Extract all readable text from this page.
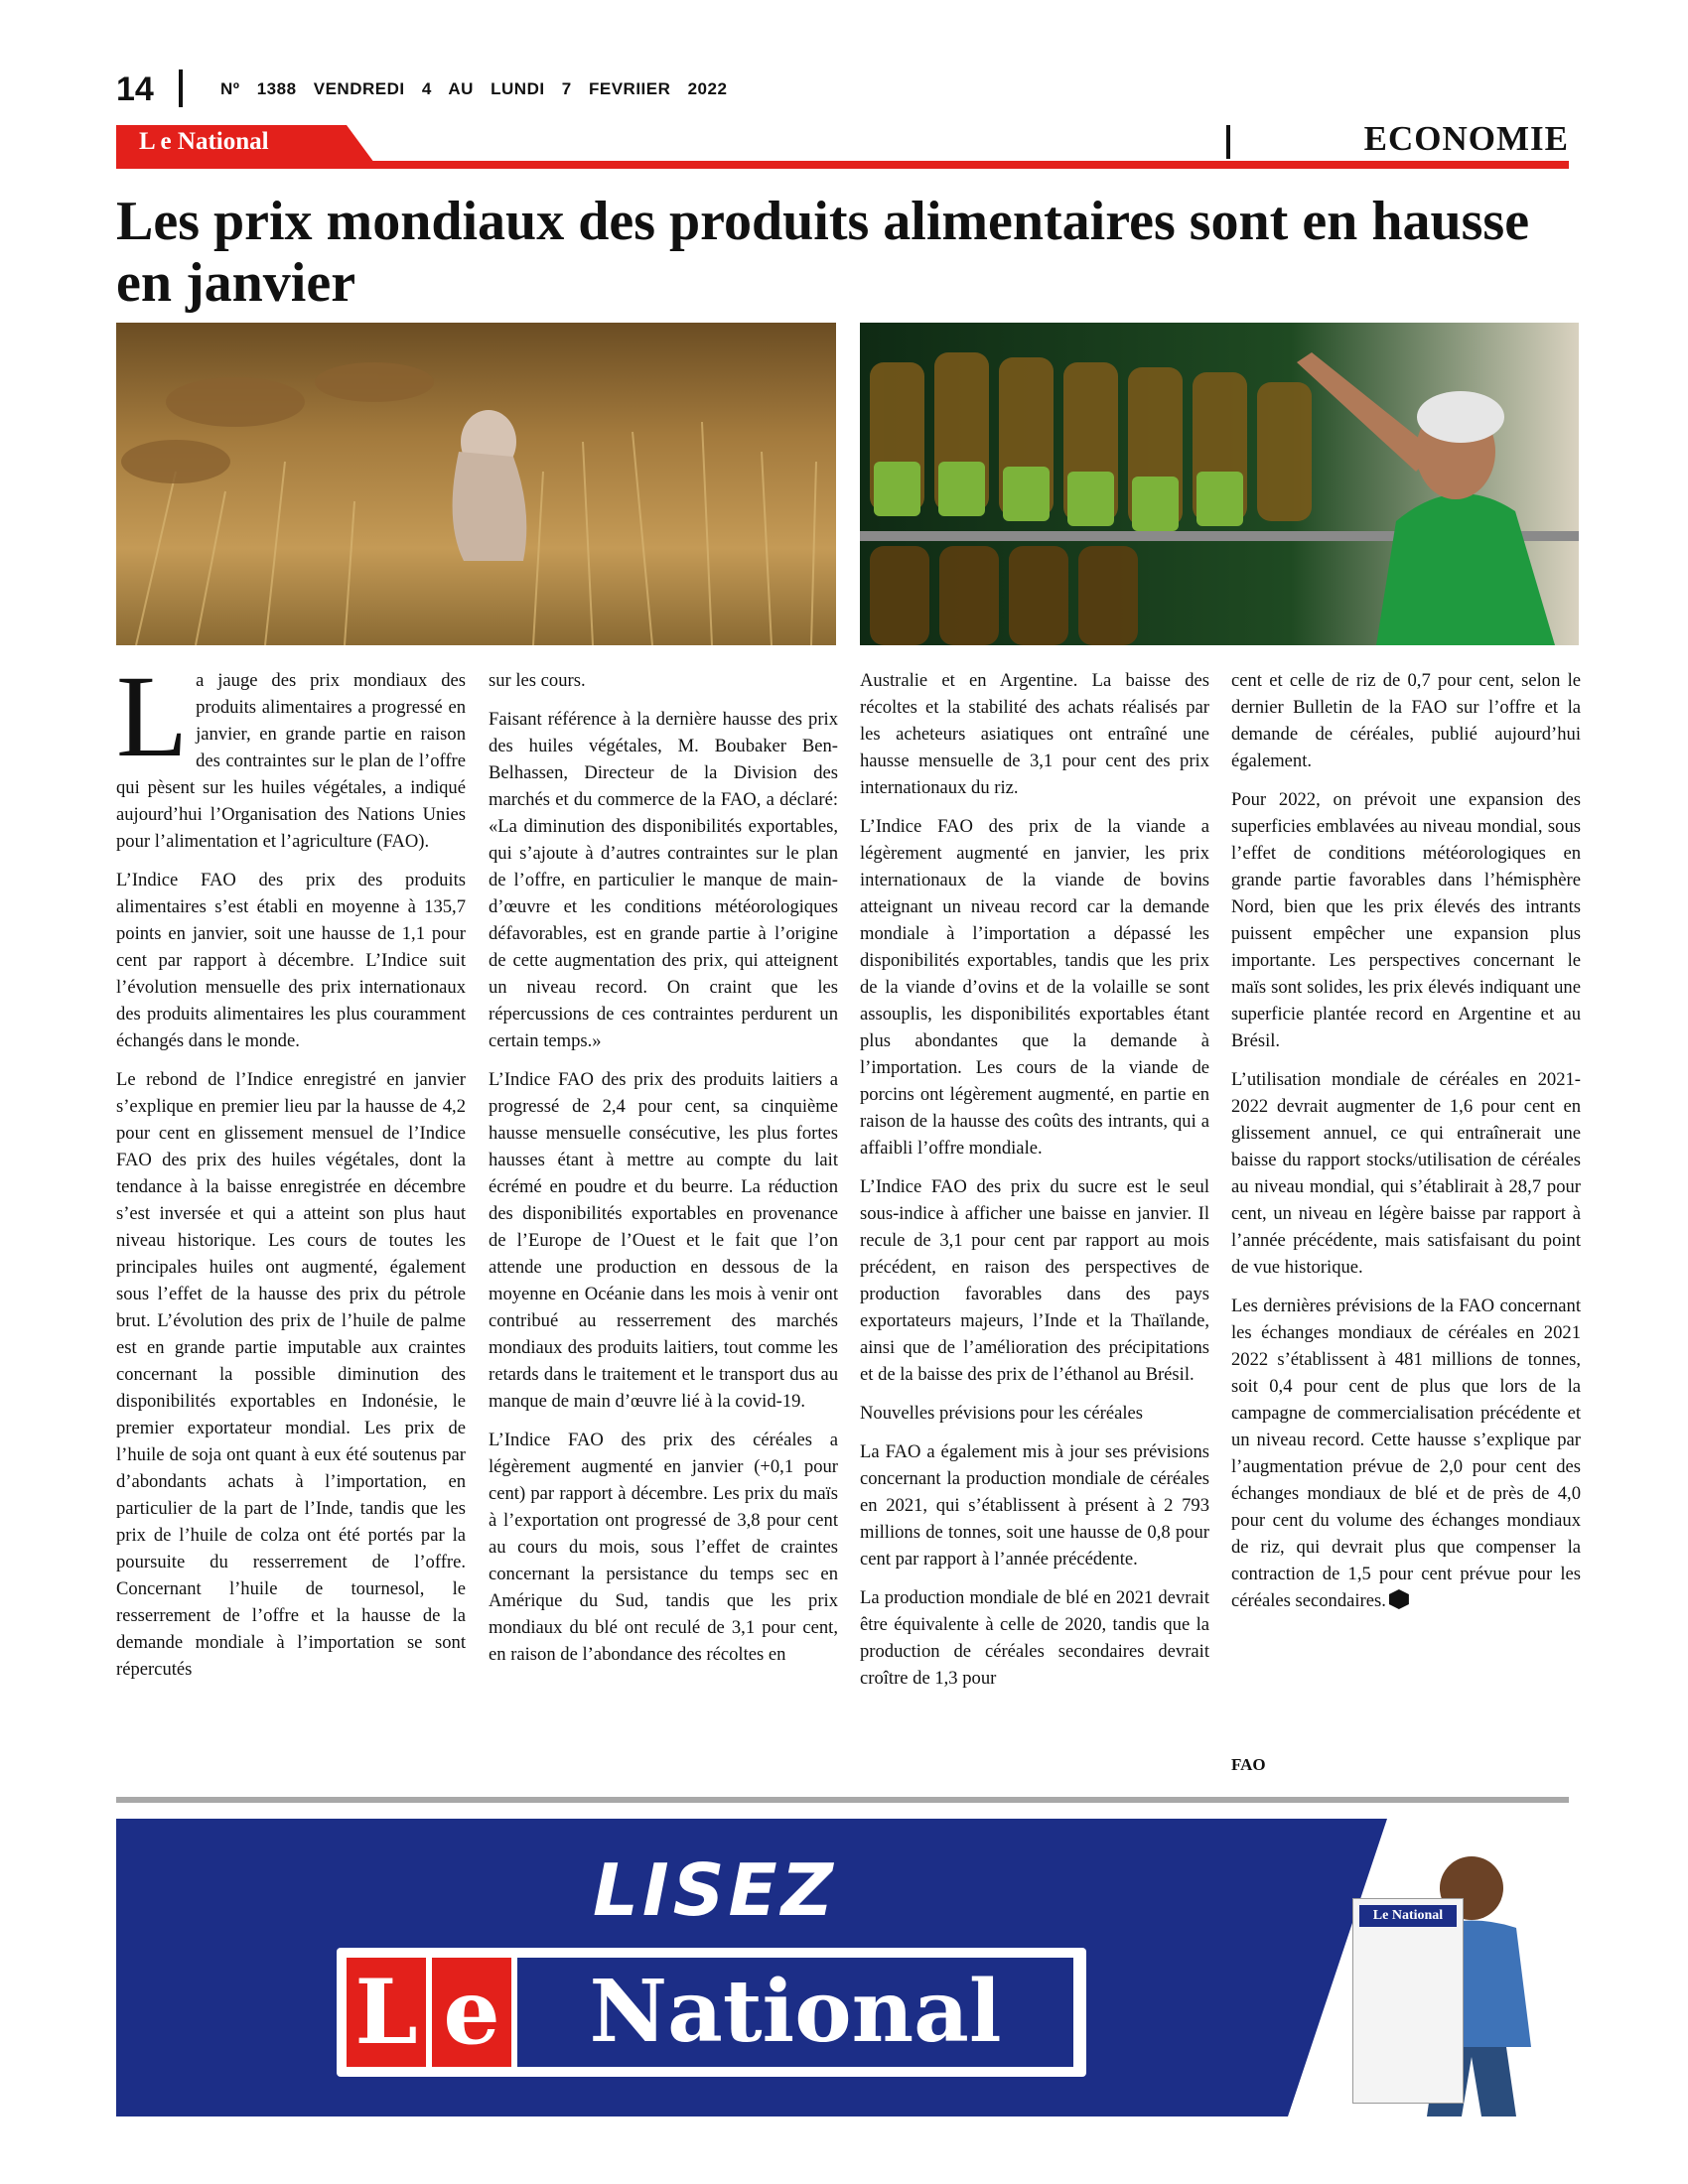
14	Nº 1388 VENDREDI 4 AU LUNDI 7 FEVRIIER 2022
L e National	ECONOMIE
Les prix mondiaux des produits alimentaires sont en hausse en janvier

La jauge des prix mondiaux des produits alimentaires a progressé en janvier, en grande partie en raison des contraintes sur le plan de l’offre qui pèsent sur les huiles végétales, a indiqué aujourd’hui l’Organisation des Nations Unies pour l’alimentation et l’agriculture (FAO).

L’Indice FAO des prix des produits alimentaires s’est établi en moyenne à 135,7 points en janvier, soit une hausse de 1,1 pour cent par rapport à décembre. L’Indice suit l’évolution mensuelle des prix internationaux des produits alimentaires les plus couramment échangés dans le monde.

Le rebond de l’Indice enregistré en janvier s’explique en premier lieu par la hausse de 4,2 pour cent en glissement mensuel de l’Indice FAO des prix des huiles végétales, dont la tendance à la baisse enregistrée en décembre s’est inversée et qui a atteint son plus haut niveau historique. Les cours de toutes les principales huiles ont augmenté, également sous l’effet de la hausse des prix du pétrole brut. L’évolution des prix de l’huile de palme est en grande partie imputable aux craintes concernant la possible diminution des disponibilités exportables en Indonésie, le premier exportateur mondial. Les prix de l’huile de soja ont quant à eux été soutenus par d’abondants achats à l’importation, en particulier de la part de l’Inde, tandis que les prix de l’huile de colza ont été portés par la poursuite du resserrement de l’offre. Concernant l’huile de tournesol, le resserrement de l’offre et la hausse de la demande mondiale à l’importation se sont répercutés

sur les cours.

Faisant référence à la dernière hausse des prix des huiles végétales, M. Boubaker Ben-Belhassen, Directeur de la Division des marchés et du commerce de la FAO, a déclaré: «La diminution des disponibilités exportables, qui s’ajoute à d’autres contraintes sur le plan de l’offre, en particulier le manque de main-d’œuvre et les conditions météorologiques défavorables, est en grande partie à l’origine de cette augmentation des prix, qui atteignent un niveau record. On craint que les répercussions de ces contraintes perdurent un certain temps.»

L’Indice FAO des prix des produits laitiers a progressé de 2,4 pour cent, sa cinquième hausse mensuelle consécutive, les plus fortes hausses étant à mettre au compte du lait écrémé en poudre et du beurre. La réduction des disponibilités exportables en provenance de l’Europe de l’Ouest et le fait que l’on attende une production en dessous de la moyenne en Océanie dans les mois à venir ont contribué au resserrement des marchés mondiaux des produits laitiers, tout comme les retards dans le traitement et le transport dus au manque de main d’œuvre lié à la covid-19.

L’Indice FAO des prix des céréales a légèrement augmenté en janvier (+0,1 pour cent) par rapport à décembre. Les prix du maïs à l’exportation ont progressé de 3,8 pour cent au cours du mois, sous l’effet de craintes concernant la persistance du temps sec en Amérique du Sud, tandis que les prix mondiaux du blé ont reculé de 3,1 pour cent, en raison de l’abondance des récoltes en

Australie et en Argentine. La baisse des récoltes et la stabilité des achats réalisés par les acheteurs asiatiques ont entraîné une hausse mensuelle de 3,1 pour cent des prix internationaux du riz.

L’Indice FAO des prix de la viande a légèrement augmenté en janvier, les prix internationaux de la viande de bovins atteignant un niveau record car la demande mondiale à l’importation a dépassé les disponibilités exportables, tandis que les prix de la viande d’ovins et de la volaille se sont assouplis, les disponibilités exportables étant plus abondantes que la demande à l’importation. Les cours de la viande de porcins ont légèrement augmenté, en partie en raison de la hausse des coûts des intrants, qui a affaibli l’offre mondiale.

L’Indice FAO des prix du sucre est le seul sous-indice à afficher une baisse en janvier. Il recule de 3,1 pour cent par rapport au mois précédent, en raison des perspectives de production favorables dans des pays exportateurs majeurs, l’Inde et la Thaïlande, ainsi que de l’amélioration des précipitations et de la baisse des prix de l’éthanol au Brésil.

Nouvelles prévisions pour les céréales

La FAO a également mis à jour ses prévisions concernant la production mondiale de céréales en 2021, qui s’établissent à présent à 2 793 millions de tonnes, soit une hausse de 0,8 pour cent par rapport à l’année précédente.

La production mondiale de blé en 2021 devrait être équivalente à celle de 2020, tandis que la production de céréales secondaires devrait croître de 1,3 pour

cent et celle de riz de 0,7 pour cent, selon le dernier Bulletin de la FAO sur l’offre et la demande de céréales, publié aujourd’hui également.

Pour 2022, on prévoit une expansion des superficies emblavées au niveau mondial, sous l’effet de conditions météorologiques en grande partie favorables dans l’hémisphère Nord, bien que les prix élevés des intrants puissent empêcher une expansion plus importante. Les perspectives concernant le maïs sont solides, les prix élevés indiquant une superficie plantée record en Argentine et au Brésil.

L’utilisation mondiale de céréales en 2021-2022 devrait augmenter de 1,6 pour cent en glissement annuel, ce qui entraînerait une baisse du rapport stocks/utilisation de céréales au niveau mondial, qui s’établirait à 28,7 pour cent, un niveau en légère baisse par rapport à l’année précédente, mais satisfaisant du point de vue historique.

Les dernières prévisions de la FAO concernant les échanges mondiaux de céréales en 2021 2022 s’établissent à 481 millions de tonnes, soit 0,4 pour cent de plus que lors de la campagne de commercialisation précédente et un niveau record. Cette hausse s’explique par l’augmentation prévue de 2,0 pour cent des échanges mondiaux de blé et de près de 4,0 pour cent du volume des échanges mondiaux de riz, qui devrait plus que compenser la contraction de 1,5 pour cent prévue pour les céréales secondaires.

FAO
LISEZ
L e	National
Le National
